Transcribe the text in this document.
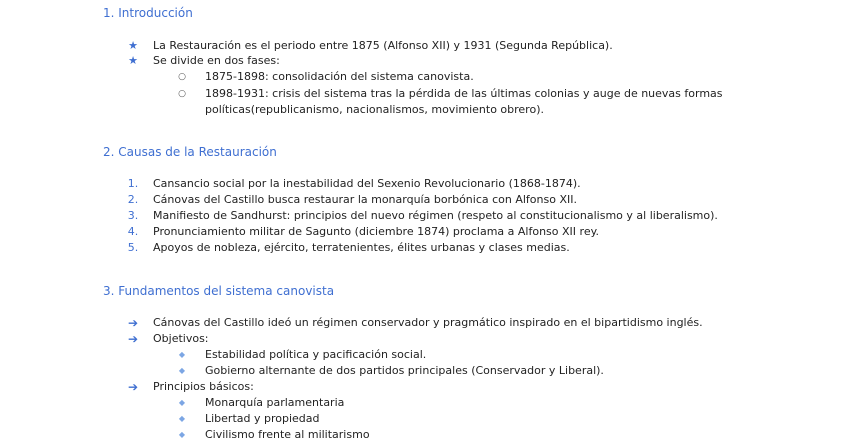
1. Introducción
★	La Restauración es el periodo entre 1875 (Alfonso XII) y 1931 (Segunda República).
★	Se divide en dos fases:
○	1875-1898: consolidación del sistema canovista.
○	1898-1931: crisis del sistema tras la pérdida de las últimas colonias y auge de nuevas formas
políticas(republicanismo, nacionalismos, movimiento obrero).
2. Causas de la Restauración
1.	Cansancio social por la inestabilidad del Sexenio Revolucionario (1868-1874).
2.	Cánovas del Castillo busca restaurar la monarquía borbónica con Alfonso XII.
3.	Manifiesto de Sandhurst: principios del nuevo régimen (respeto al constitucionalismo y al liberalismo).
4.	Pronunciamiento militar de Sagunto (diciembre 1874) proclama a Alfonso XII rey.
5.	Apoyos de nobleza, ejército, terratenientes, élites urbanas y clases medias.
3. Fundamentos del sistema canovista
➔	Cánovas del Castillo ideó un régimen conservador y pragmático inspirado en el bipartidismo inglés.
➔	Objetivos:
◆	Estabilidad política y pacificación social.
◆	Gobierno alternante de dos partidos principales (Conservador y Liberal).
➔	Principios básicos:
◆	Monarquía parlamentaria
◆	Libertad y propiedad
◆	Civilismo frente al militarismo
